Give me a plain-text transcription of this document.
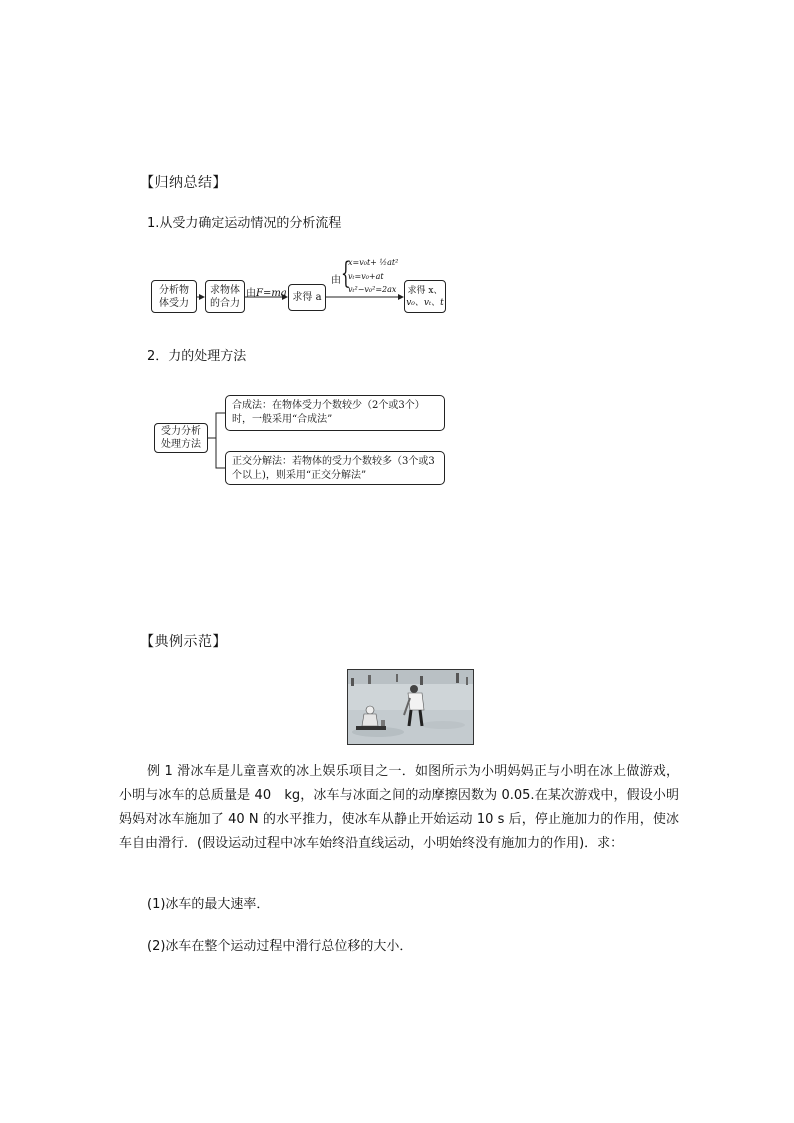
【归纳总结】
1.从受力确定运动情况的分析流程
分析物体受力
求物体的合力	求得 a
求得 x、
v₀、vₜ、t
由F=ma
由 {
x=v₀t+ ½at²
vₜ=v₀+at
vₜ²−v₀²=2ax
2．力的处理方法
受力分析处理方法
合成法：在物体受力个数较少（2个或3个）时，一般采用“合成法”
正交分解法：若物体的受力个数较多（3个或3个以上)，则采用“正交分解法”
【典例示范】
例 1 滑冰车是儿童喜欢的冰上娱乐项目之一．如图所示为小明妈妈正与小明在冰上做游戏，小明与冰车的总质量是 40　kg，冰车与冰面之间的动摩擦因数为 0.05.在某次游戏中，假设小明妈妈对冰车施加了 40 N 的水平推力，使冰车从静止开始运动 10 s 后，停止施加力的作用，使冰车自由滑行．(假设运动过程中冰车始终沿直线运动，小明始终没有施加力的作用)．求：
(1)冰车的最大速率．
(2)冰车在整个运动过程中滑行总位移的大小．
